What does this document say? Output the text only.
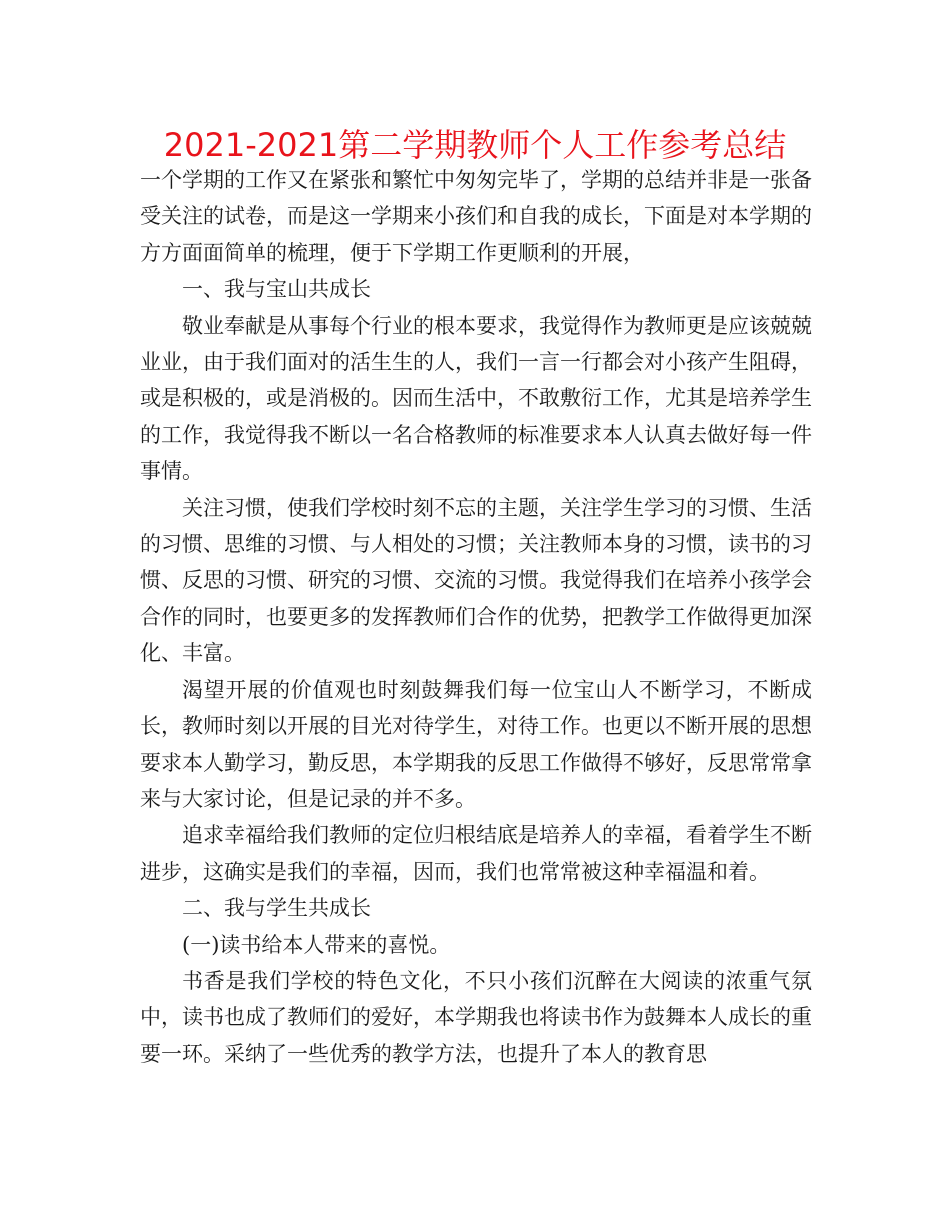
2021-2021第二学期教师个人工作参考总结

一个学期的工作又在紧张和繁忙中匆匆完毕了，学期的总结并非是一张备受关注的试卷，而是这一学期来小孩们和自我的成长，下面是对本学期的方方面面简单的梳理，便于下学期工作更顺利的开展，

一、我与宝山共成长

敬业奉献是从事每个行业的根本要求，我觉得作为教师更是应该兢兢业业，由于我们面对的活生生的人，我们一言一行都会对小孩产生阻碍，或是积极的，或是消极的。因而生活中，不敢敷衍工作，尤其是培养学生的工作，我觉得我不断以一名合格教师的标准要求本人认真去做好每一件事情。

关注习惯，使我们学校时刻不忘的主题，关注学生学习的习惯、生活的习惯、思维的习惯、与人相处的习惯；关注教师本身的习惯，读书的习惯、反思的习惯、研究的习惯、交流的习惯。我觉得我们在培养小孩学会合作的同时，也要更多的发挥教师们合作的优势，把教学工作做得更加深化、丰富。

渴望开展的价值观也时刻鼓舞我们每一位宝山人不断学习，不断成长，教师时刻以开展的目光对待学生，对待工作。也更以不断开展的思想要求本人勤学习，勤反思，本学期我的反思工作做得不够好，反思常常拿来与大家讨论，但是记录的并不多。

追求幸福给我们教师的定位归根结底是培养人的幸福，看着学生不断进步，这确实是我们的幸福，因而，我们也常常被这种幸福温和着。

二、我与学生共成长

(一)读书给本人带来的喜悦。

书香是我们学校的特色文化，不只小孩们沉醉在大阅读的浓重气氛中，读书也成了教师们的爱好，本学期我也将读书作为鼓舞本人成长的重要一环。采纳了一些优秀的教学方法，也提升了本人的教育思
